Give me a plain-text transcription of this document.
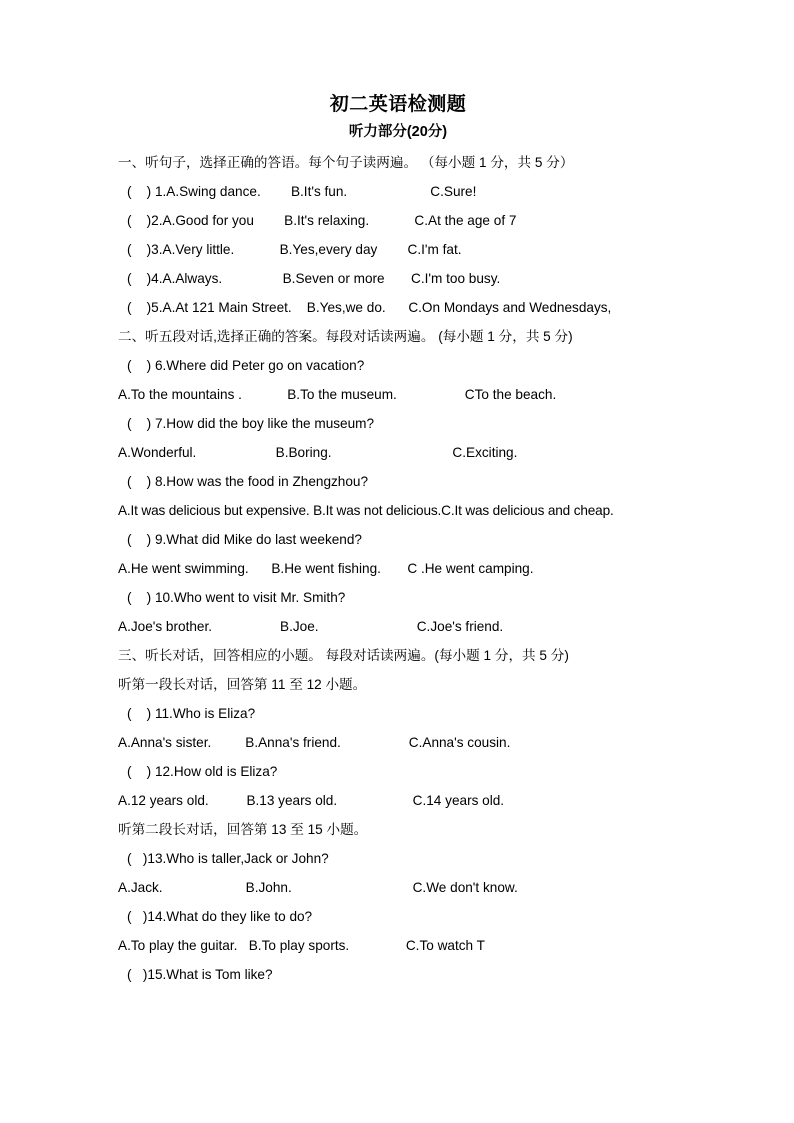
初二英语检测题
听力部分(20分)
一、听句子，选择正确的答语。每个句子读两遍。 （每小题 1 分，共 5 分）
(    ) 1.A.Swing dance.        B.It's fun.                      C.Sure!
(    )2.A.Good for you        B.It's relaxing.            C.At the age of 7
(    )3.A.Very little.            B.Yes,every day        C.I'm fat.
(    )4.A.Always.                B.Seven or more       C.I'm too busy.
(    )5.A.At 121 Main Street.    B.Yes,we do.      C.On Mondays and Wednesdays,
二、听五段对话,选择正确的答案。每段对话读两遍。 (每小题 1 分，共 5 分)
(    ) 6.Where did Peter go on vacation?
A.To the mountains .            B.To the museum.                  CTo the beach.
(    ) 7.How did the boy like the museum?
A.Wonderful.                     B.Boring.                                C.Exciting.
(    ) 8.How was the food in Zhengzhou?
A.It was delicious but expensive. B.It was not delicious.C.It was delicious and cheap.
(    ) 9.What did Mike do last weekend?
A.He went swimming.      B.He went fishing.       C .He went camping.
(    ) 10.Who went to visit Mr. Smith?
A.Joe's brother.                  B.Joe.                          C.Joe's friend.
三、听长对话，回答相应的小题。 每段对话读两遍。(每小题 1 分，共 5 分)
听第一段长对话，回答第 11 至 12 小题。
(    ) 11.Who is Eliza?
A.Anna's sister.         B.Anna's friend.                  C.Anna's cousin.
(    ) 12.How old is Eliza?
A.12 years old.          B.13 years old.                    C.14 years old.
听第二段长对话，回答第 13 至 15 小题。
(   )13.Who is taller,Jack or John?
A.Jack.                      B.John.                                C.We don't know.
(   )14.What do they like to do?
A.To play the guitar.   B.To play sports.               C.To watch T
(   )15.What is Tom like?
